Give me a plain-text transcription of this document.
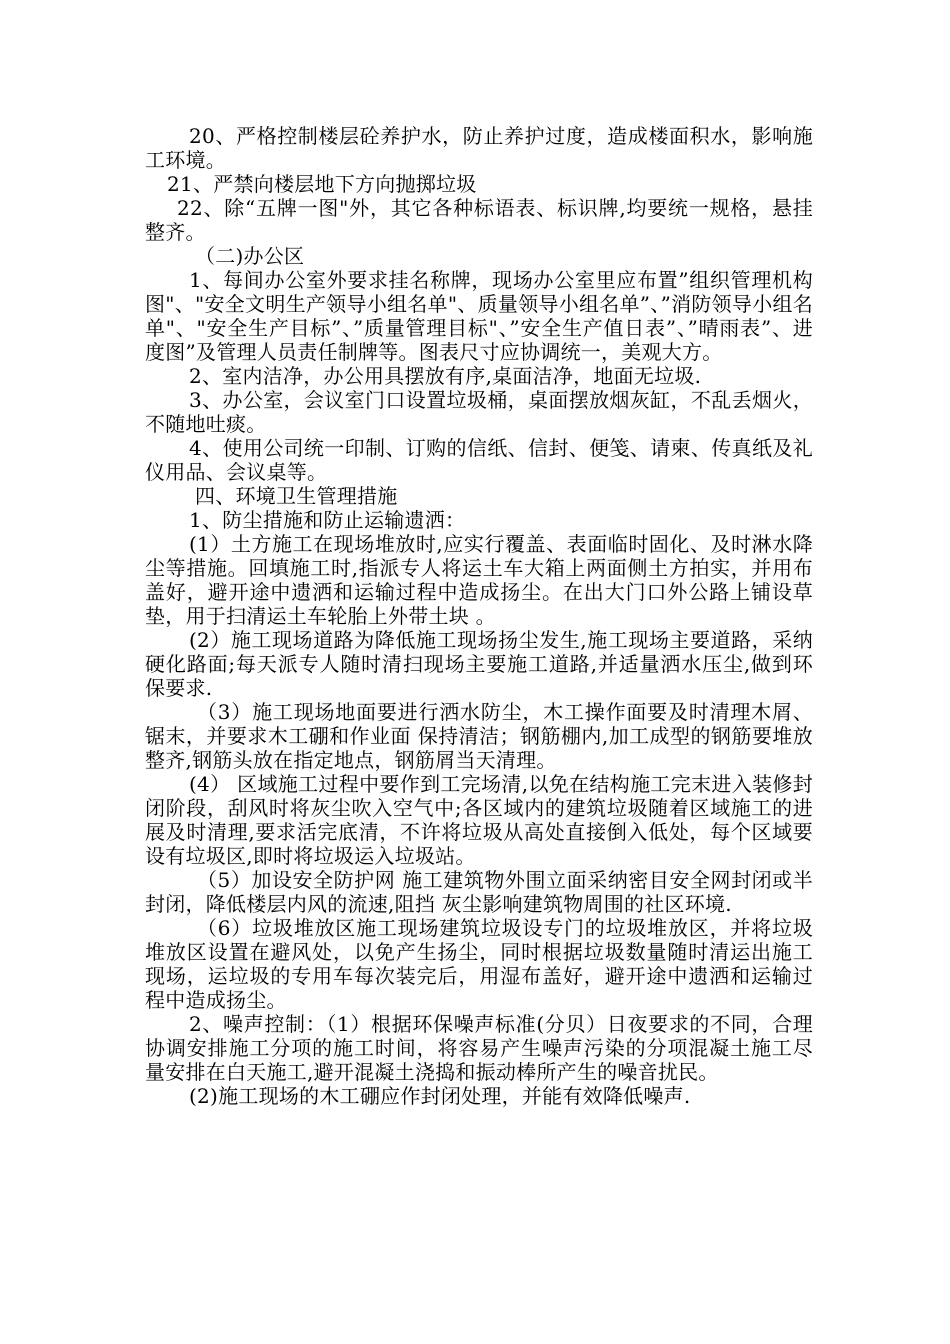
20、严格控制楼层砼养护水，防止养护过度，造成楼面积水，影响施工环境。

21、严禁向楼层地下方向抛掷垃圾

22、除“五牌一图"外，其它各种标语表、标识牌,均要统一规格，悬挂整齐。

（二)办公区

1、每间办公室外要求挂名称牌，现场办公室里应布置”组织管理机构图"、"安全文明生产领导小组名单"、质量领导小组名单”、”消防领导小组名单"、"安全生产目标”、”质量管理目标"、”安全生产值日表”、”晴雨表”、进度图”及管理人员责任制牌等。图表尺寸应协调统一，美观大方。

2、室内洁净，办公用具摆放有序,桌面洁净，地面无垃圾.

3、办公室，会议室门口设置垃圾桶，桌面摆放烟灰缸，不乱丢烟火，不随地吐痰。

4、使用公司统一印制、订购的信纸、信封、便笺、请柬、传真纸及礼仪用品、会议桌等。

四、环境卫生管理措施

1、防尘措施和防止运输遗洒：

(1）土方施工在现场堆放时,应实行覆盖、表面临时固化、及时淋水降尘等措施。回填施工时,指派专人将运土车大箱上两面侧土方拍实，并用布盖好，避开途中遗洒和运输过程中造成扬尘。在出大门口外公路上铺设草垫，用于扫清运土车轮胎上外带土块 。

(2）施工现场道路为降低施工现场扬尘发生,施工现场主要道路，采纳硬化路面;每天派专人随时清扫现场主要施工道路,并适量洒水压尘,做到环保要求.

（3）施工现场地面要进行洒水防尘，木工操作面要及时清理木屑、锯末，并要求木工硼和作业面 保持清洁；钢筋棚内,加工成型的钢筋要堆放整齐,钢筋头放在指定地点，钢筋屑当天清理。

(4） 区域施工过程中要作到工完场清,以免在结构施工完末进入装修封闭阶段，刮风时将灰尘吹入空气中;各区域内的建筑垃圾随着区域施工的进展及时清理,要求活完底清，不许将垃圾从高处直接倒入低处，每个区域要设有垃圾区,即时将垃圾运入垃圾站。

（5）加设安全防护网 施工建筑物外围立面采纳密目安全网封闭或半封闭，降低楼层内风的流速,阻挡 灰尘影响建筑物周围的社区环境.

（6）垃圾堆放区施工现场建筑垃圾设专门的垃圾堆放区，并将垃圾堆放区设置在避风处，以免产生扬尘，同时根据垃圾数量随时清运出施工现场，运垃圾的专用车每次装完后，用湿布盖好，避开途中遗洒和运输过程中造成扬尘。

2、噪声控制：（1）根据环保噪声标准(分贝）日夜要求的不同，合理协调安排施工分项的施工时间，将容易产生噪声污染的分项混凝土施工尽量安排在白天施工,避开混凝土浇捣和振动棒所产生的噪音扰民。

(2)施工现场的木工硼应作封闭处理，并能有效降低噪声.
